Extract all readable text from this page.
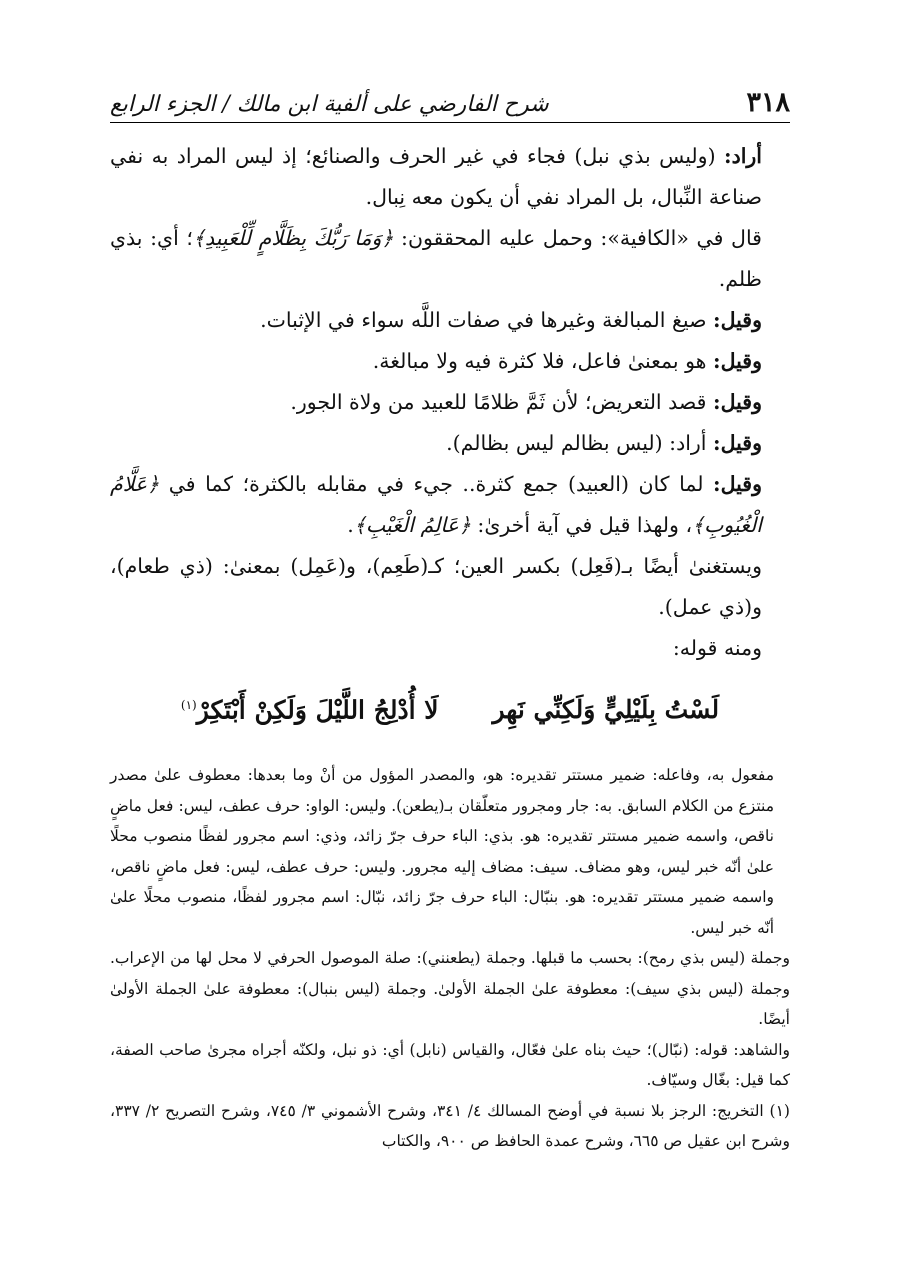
٣١٨
شرح الفارضي على ألفية ابن مالك / الجزء الرابع

أراد: (وليس بذي نبل) فجاء في غير الحرف والصنائع؛ إذ ليس المراد به نفي صناعة النِّبال، بل المراد نفي أن يكون معه نِبال.

قال في «الكافية»: وحمل عليه المحققون: ﴿وَمَا رَبُّكَ بِظَلَّامٍ لِّلْعَبِيدِ﴾؛ أي: بذي ظلم.

وقيل: صيغ المبالغة وغيرها في صفات اللَّه سواء في الإثبات.

وقيل: هو بمعنىٰ فاعل، فلا كثرة فيه ولا مبالغة.

وقيل: قصد التعريض؛ لأن ثَمَّ ظلامًا للعبيد من ولاة الجور.

وقيل: أراد: (ليس بظالم ليس بظالم).

وقيل: لما كان (العبيد) جمع كثرة.. جيء في مقابله بالكثرة؛ كما في ﴿عَلَّامُ الْغُيُوبِ﴾، ولهذا قيل في آية أخرىٰ: ﴿عَالِمُ الْغَيْبِ﴾.

ويستغنىٰ أيضًا بـ(فَعِل) بكسر العين؛ كـ(طَعِم)، و(عَمِل) بمعنىٰ: (ذي طعام)، و(ذي عمل).

ومنه قوله:

لَسْتُ بِلَيْلِيٍّ وَلَكِنِّي نَهِرلَا أُدْلِجُ اللَّيْلَ وَلَكِنْ أَبْتَكِرْ$^{(١)}$

مفعول به، وفاعله: ضمير مستتر تقديره: هو، والمصدر المؤول من أنْ وما بعدها: معطوف علىٰ مصدر منتزع من الكلام السابق. به: جار ومجرور متعلّقان بـ(يطعن). وليس: الواو: حرف عطف، ليس: فعل ماضٍ ناقص، واسمه ضمير مستتر تقديره: هو. بذي: الباء حرف جرّ زائد، وذي: اسم مجرور لفظًا منصوب محلًا علىٰ أنّه خبر ليس، وهو مضاف. سيف: مضاف إليه مجرور. وليس: حرف عطف، ليس: فعل ماضٍ ناقص، واسمه ضمير مستتر تقديره: هو. بنبّال: الباء حرف جرّ زائد، نبّال: اسم مجرور لفظًا، منصوب محلًا علىٰ أنّه خبر ليس.

وجملة (ليس بذي رمح): بحسب ما قبلها. وجملة (يطعنني): صلة الموصول الحرفي لا محل لها من الإعراب. وجملة (ليس بذي سيف): معطوفة علىٰ الجملة الأولىٰ. وجملة (ليس بنبال): معطوفة علىٰ الجملة الأولىٰ أيضًا.

والشاهد: قوله: (نبّال)؛ حيث بناه علىٰ فعّال، والقياس (نابل) أي: ذو نبل، ولكنّه أجراه مجرىٰ صاحب الصفة، كما قيل: بغّال وسيّاف.

(١) التخريج: الرجز بلا نسبة في أوضح المسالك ٤/ ٣٤١، وشرح الأشموني ٣/ ٧٤٥، وشرح التصريح ٢/ ٣٣٧، وشرح ابن عقيل ص ٦٦٥، وشرح عمدة الحافظ ص ٩٠٠، والكتاب
